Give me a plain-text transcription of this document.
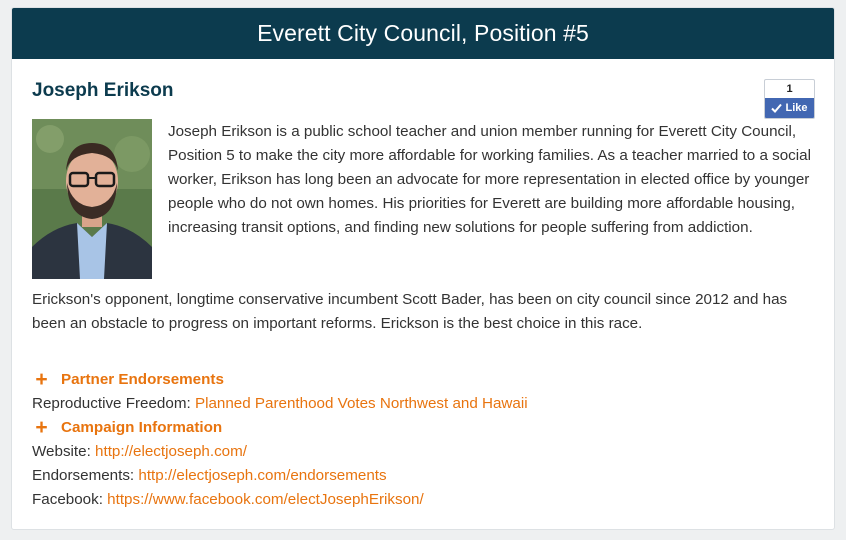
Everett City Council, Position #5
Joseph Erikson	1
Like

Joseph Erikson is a public school teacher and union member running for Everett City Council, Position 5 to make the city more affordable for working families. As a teacher married to a social worker, Erikson has long been an advocate for more representation in elected office by younger people who do not own homes. His priorities for Everett are building more affordable housing, increasing transit options, and finding new solutions for people suffering from addiction.

Erickson's opponent, longtime conservative incumbent Scott Bader, has been on city council since 2012 and has been an obstacle to progress on important reforms. Erickson is the best choice in this race.

+ Partner Endorsements
Reproductive Freedom: Planned Parenthood Votes Northwest and Hawaii
+ Campaign Information
Website: http://electjoseph.com/
Endorsements: http://electjoseph.com/endorsements
Facebook: https://www.facebook.com/electJosephErikson/
